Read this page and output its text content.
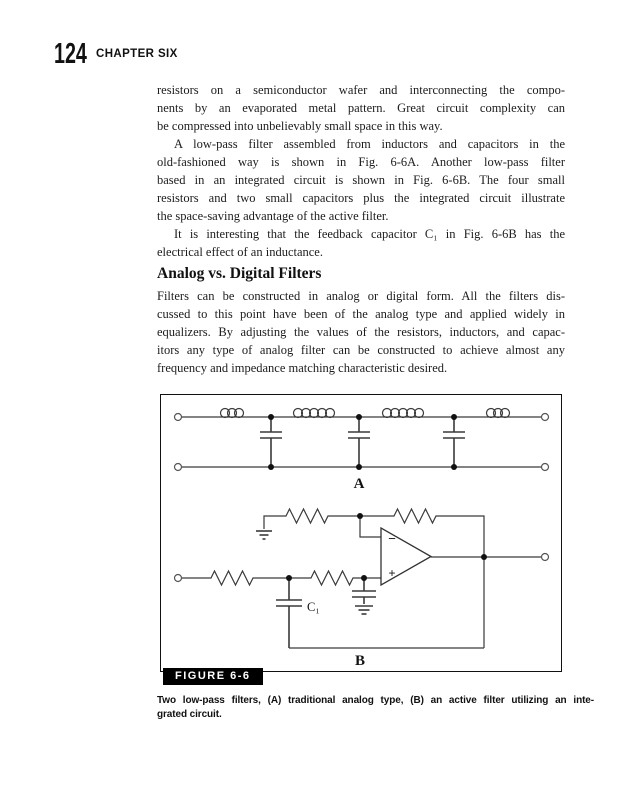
124 CHAPTER SIX
resistors on a semiconductor wafer and interconnecting the compo-
nents by an evaporated metal pattern. Great circuit complexity can
be compressed into unbelievably small space in this way.
A low-pass filter assembled from inductors and capacitors in the
old-fashioned way is shown in Fig. 6-6A. Another low-pass filter
based in an integrated circuit is shown in Fig. 6-6B. The four small
resistors and two small capacitors plus the integrated circuit illustrate
the space-saving advantage of the active filter.
It is interesting that the feedback capacitor C₁ in Fig. 6-6B has the
electrical effect of an inductance.
Analog vs. Digital Filters
Filters can be constructed in analog or digital form. All the filters dis-
cussed to this point have been of the analog type and applied widely in
equalizers. By adjusting the values of the resistors, inductors, and capac-
itors any type of analog filter can be constructed to achieve almost any
frequency and impedance matching characteristic desired.
A
C₁
−
+
B
FIGURE 6-6
Two low-pass filters, (A) traditional analog type, (B) an active filter utilizing an inte-
grated circuit.
